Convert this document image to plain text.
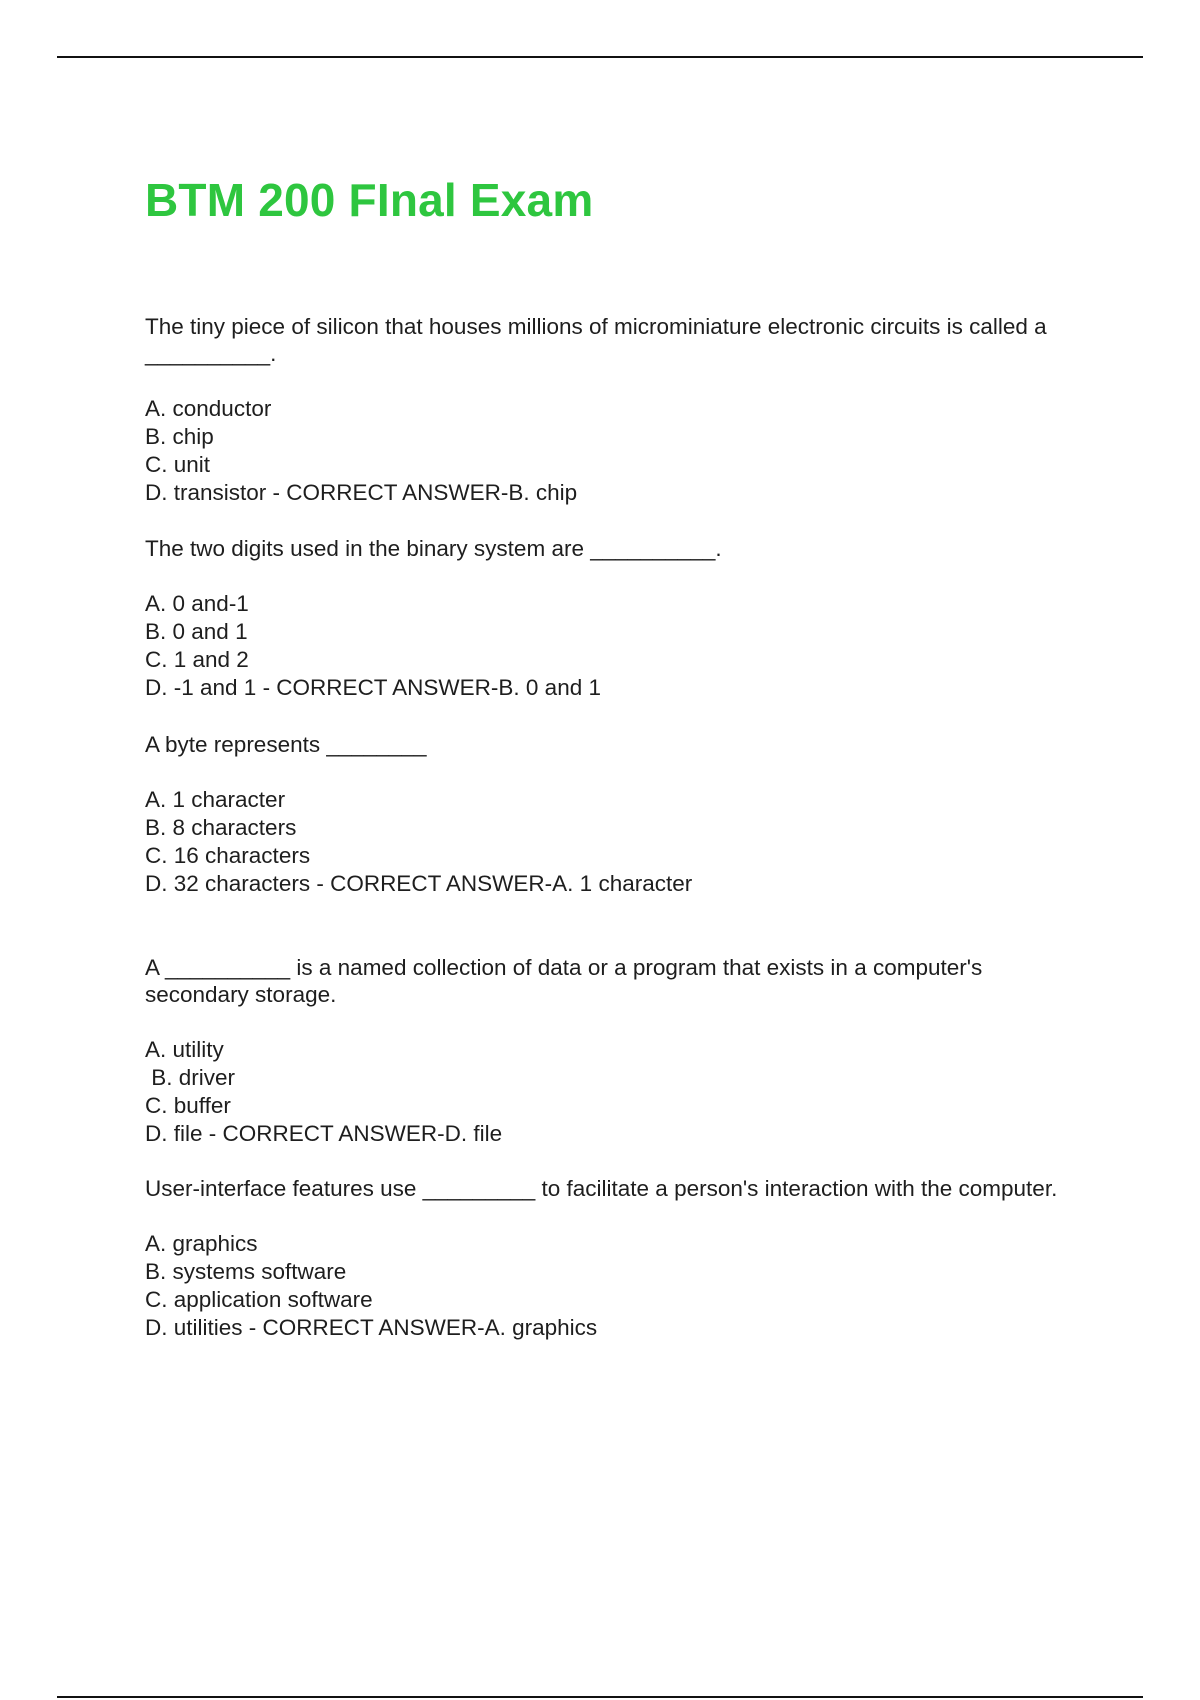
BTM 200 FInal Exam

The tiny piece of silicon that houses millions of microminiature electronic circuits is called a __________.

A. conductor
B. chip
C. unit
D. transistor - CORRECT ANSWER-B. chip

The two digits used in the binary system are __________.

A. 0 and-1
B. 0 and 1
C. 1 and 2
D. -1 and 1 - CORRECT ANSWER-B. 0 and 1

A byte represents ________

A. 1 character
B. 8 characters
C. 16 characters
D. 32 characters - CORRECT ANSWER-A. 1 character

A __________ is a named collection of data or a program that exists in a computer's secondary storage.

A. utility
B. driver
C. buffer
D. file - CORRECT ANSWER-D. file

User-interface features use _________ to facilitate a person's interaction with the computer.

A. graphics
B. systems software
C. application software
D. utilities - CORRECT ANSWER-A. graphics
